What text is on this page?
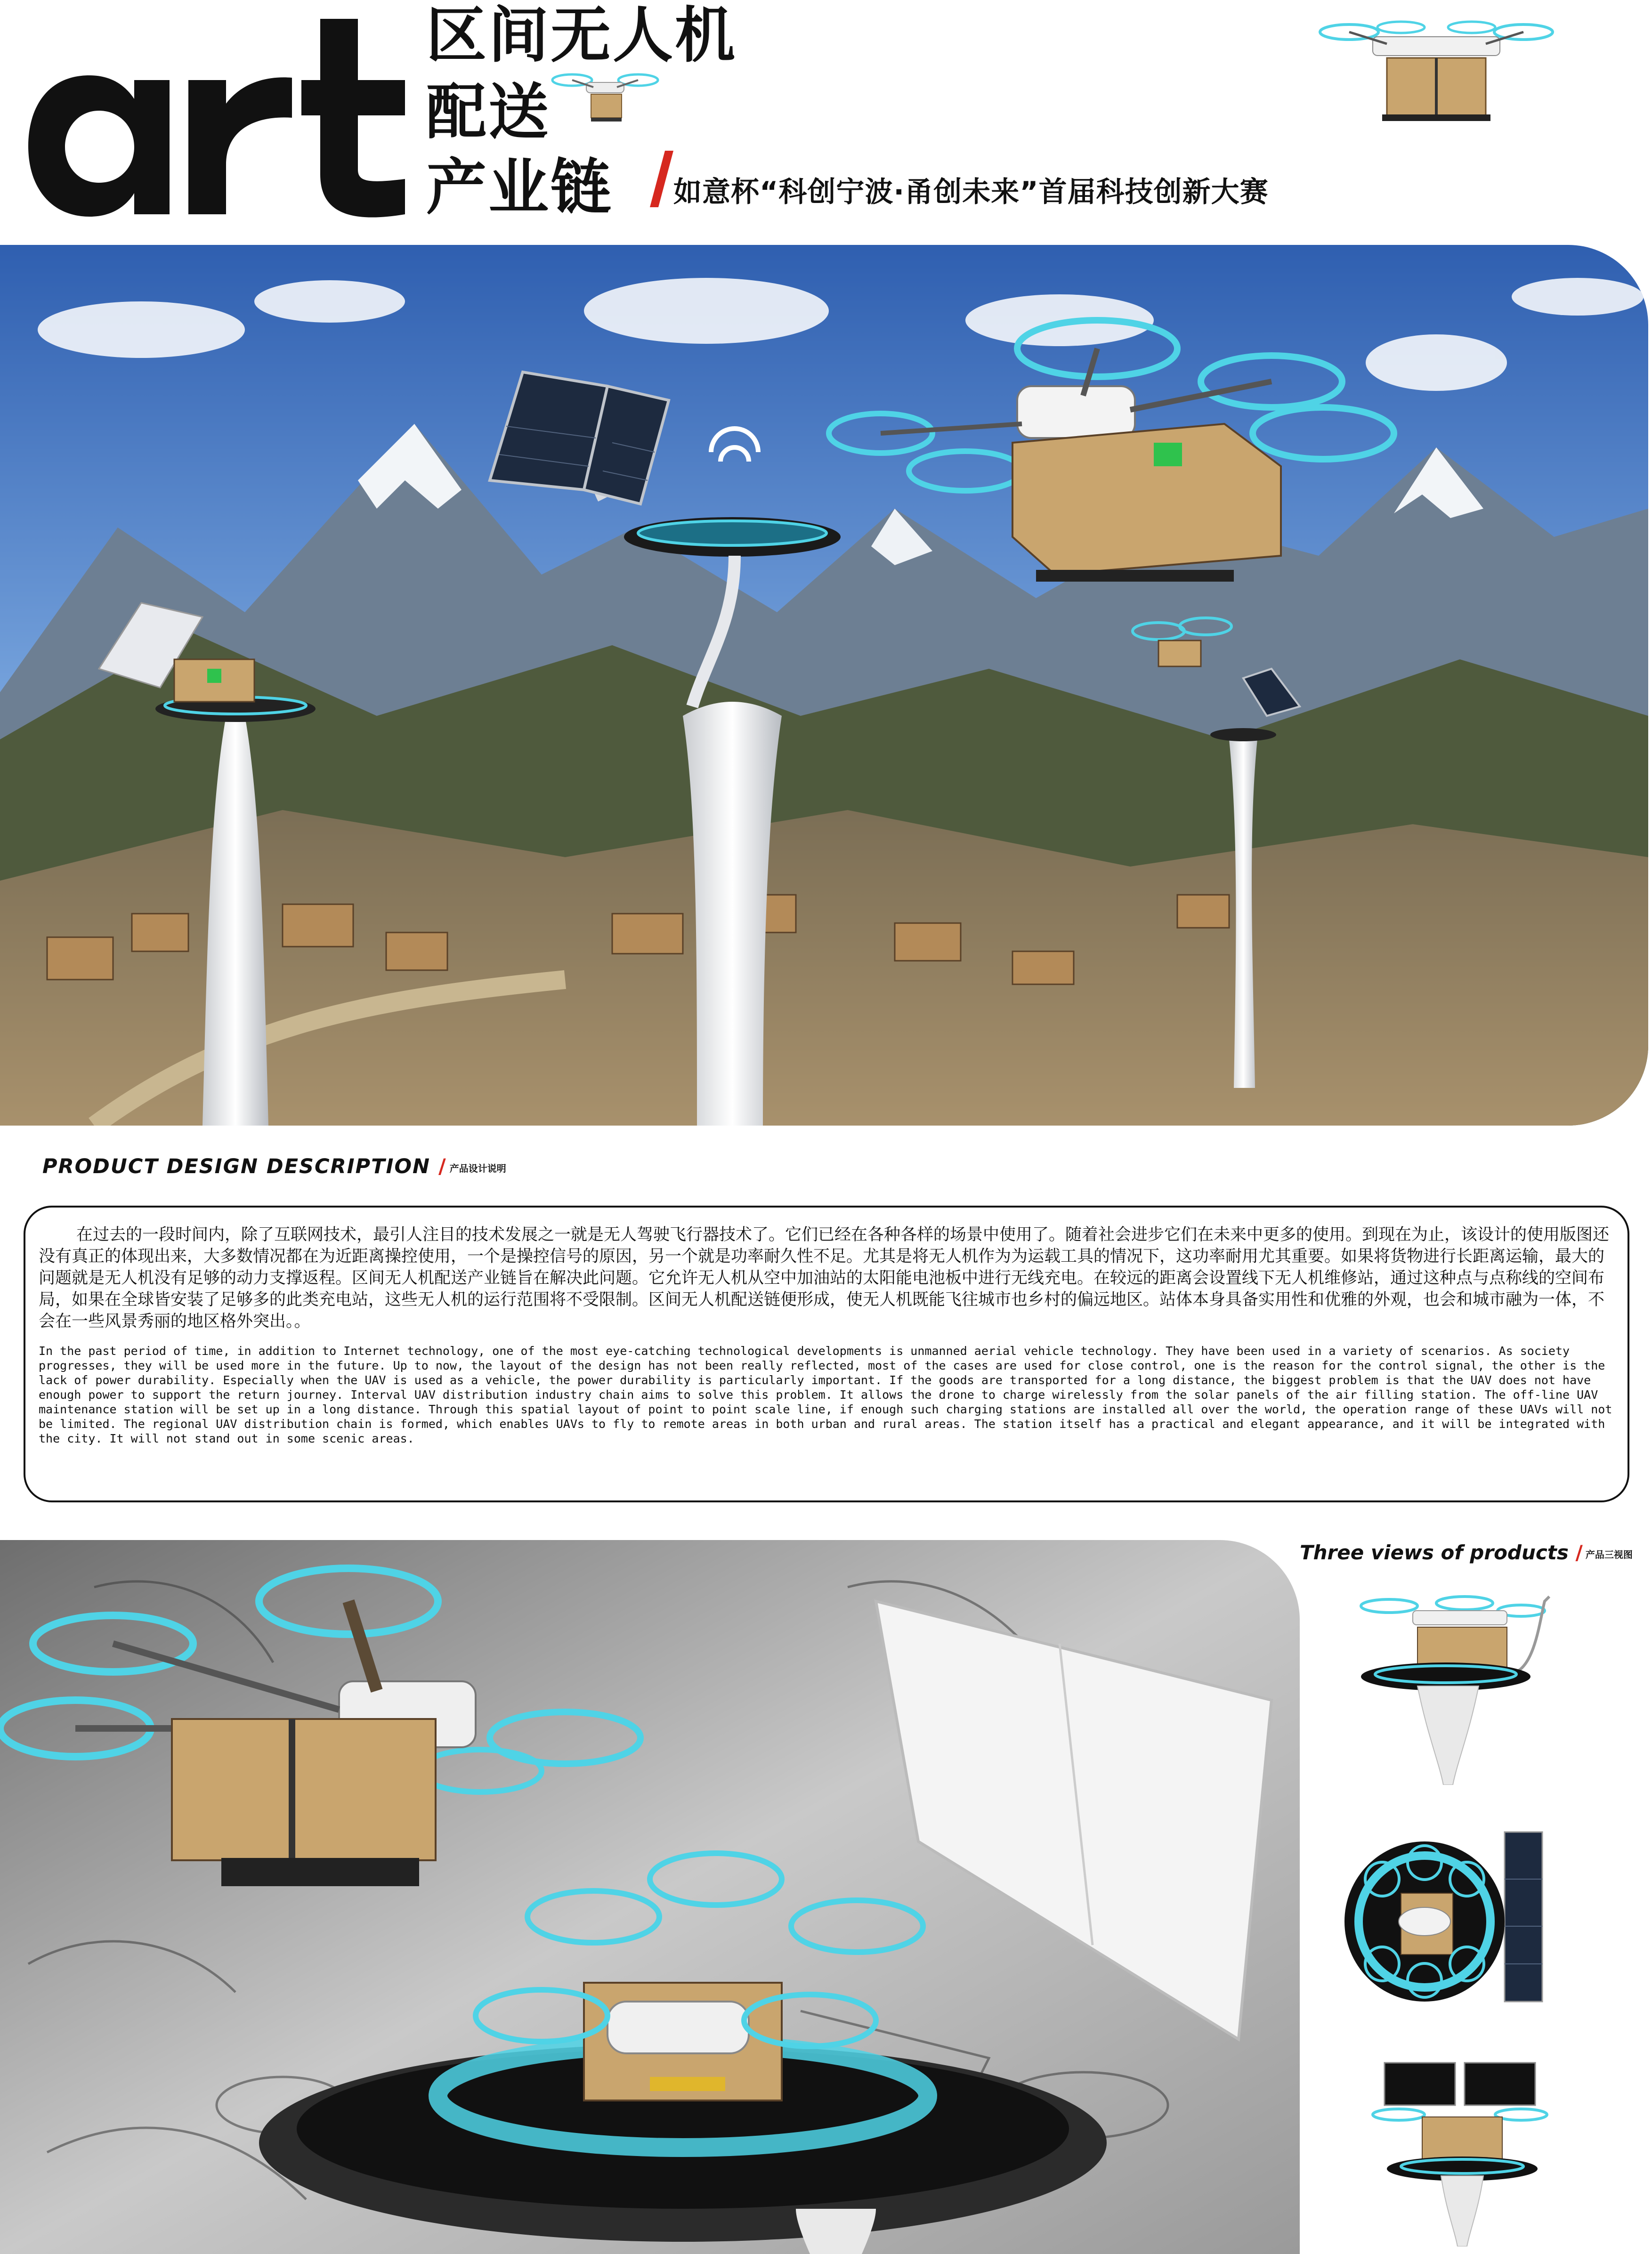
区间无人机
配送
产业链 如意杯“科创宁波·甬创未来”首届科技创新大赛
PRODUCT DESIGN DESCRIPTION / 产品设计说明

在过去的一段时间内，除了互联网技术，最引人注目的技术发展之一就是无人驾驶飞行器技术了。它们已经在各种各样的场景中使用了。随着社会进步它们在未来中更多的使用。到现在为止，该设计的使用版图还没有真正的体现出来，大多数情况都在为近距离操控使用，一个是操控信号的原因，另一个就是功率耐久性不足。尤其是将无人机作为为运载工具的情况下，这功率耐用尤其重要。如果将货物进行长距离运输，最大的问题就是无人机没有足够的动力支撑返程。区间无人机配送产业链旨在解决此问题。它允许无人机从空中加油站的太阳能电池板中进行无线充电。在较远的距离会设置线下无人机维修站，通过这种点与点称线的空间布局，如果在全球皆安装了足够多的此类充电站，这些无人机的运行范围将不受限制。区间无人机配送链便形成，使无人机既能飞往城市也乡村的偏远地区。站体本身具备实用性和优雅的外观，也会和城市融为一体，不会在一些风景秀丽的地区格外突出。。

In the past period of time, in addition to Internet technology, one of the most eye-catching technological developments is unmanned aerial vehicle technology. They have been used in a variety of scenarios. As society progresses, they will be used more in the future. Up to now, the layout of the design has not been really reflected, most of the cases are used for close control, one is the reason for the control signal, the other is the lack of power durability. Especially when the UAV is used as a vehicle, the power durability is particularly important. If the goods are transported for a long distance, the biggest problem is that the UAV does not have enough power to support the return journey. Interval UAV distribution industry chain aims to solve this problem. It allows the drone to charge wirelessly from the solar panels of the air filling station. The off-line UAV maintenance station will be set up in a long distance. Through this spatial layout of point to point scale line, if enough such charging stations are installed all over the world, the operation range of these UAVs will not be limited. The regional UAV distribution chain is formed, which enables UAVs to fly to remote areas in both urban and rural areas. The station itself has a practical and elegant appearance, and it will be integrated with the city. It will not stand out in some scenic areas.

Three views of products / 产品三视图
